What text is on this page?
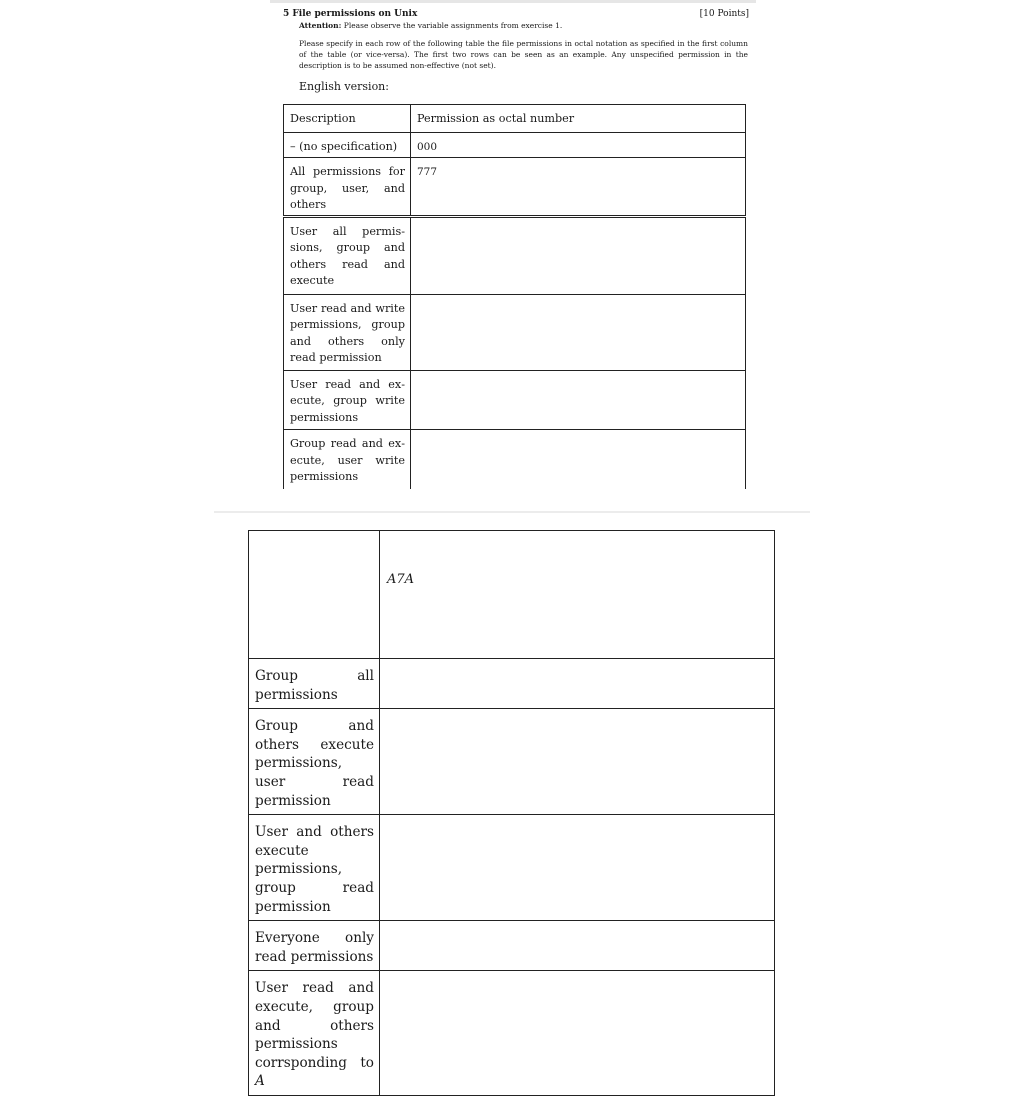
5 File permissions on Unix	[10 Points]
Attention: Please observe the variable assignments from exercise 1.
Please specify in each row of the following table the file permissions in octal notation as specified in the first column of the table (or vice-versa). The first two rows can be seen as an example. Any unspecified permission in the description is to be assumed non-effective (not set).
English version:
Description	Permission as octal number
– (no specification)	000
All permissions for group, user, and others	777
User all permissions, group and others read and execute	
User read and write permissions, group and others only read permission	
User read and execute, group write permissions	
Group read and execute, user write permissions	
	A7A
Group all permissions	
Group and others execute permissions, user read permission	
User and others execute permissions, group read permission	
Everyone only read permissions	
User read and execute, group and others permissions corrsponding to A	
